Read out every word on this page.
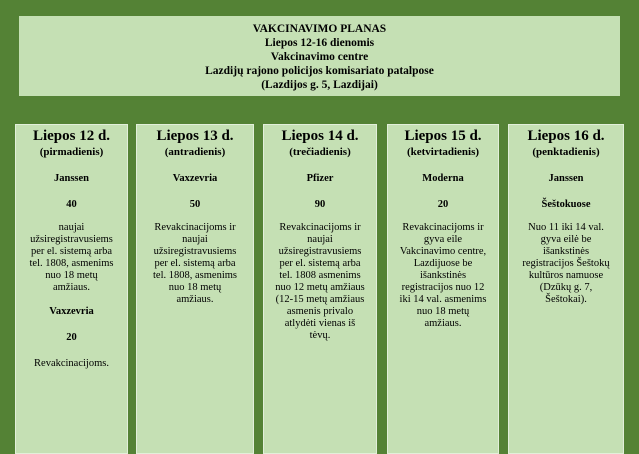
VAKCINAVIMO PLANAS
Liepos 12-16 dienomis
Vakcinavimo centre
Lazdijų rajono policijos komisariato patalpose
(Lazdijos g. 5, Lazdijai)
Liepos 12 d.
(pirmadienis)
Janssen
40
naujai
užsiregistravusiems
per el. sistemą arba
tel. 1808, asmenims
nuo 18 metų
amžiaus.
Vaxzevria
20
Revakcinacijoms.
Liepos 13 d.
(antradienis)
Vaxzevria
50
Revakcinacijoms ir
naujai
užsiregistravusiems
per el. sistemą arba
tel. 1808, asmenims
nuo 18 metų
amžiaus.
Liepos 14 d.
(trečiadienis)
Pfizer
90
Revakcinacijoms ir
naujai
užsiregistravusiems
per el. sistemą arba
tel. 1808 asmenims
nuo 12 metų amžiaus
(12-15 metų amžiaus
asmenis privalo
atlydėti vienas iš
tėvų.
Liepos 15 d.
(ketvirtadienis)
Moderna
20
Revakcinacijoms ir
gyva eile
Vakcinavimo centre,
Lazdijuose be
išankstinės
registracijos nuo 12
iki 14 val. asmenims
nuo 18 metų
amžiaus.
Liepos 16 d.
(penktadienis)
Janssen
Šeštokuose
Nuo 11 iki 14 val.
gyva eilė be
išankstinės
registracijos Šeštokų
kultūros namuose
(Dzūkų g. 7,
Šeštokai).
